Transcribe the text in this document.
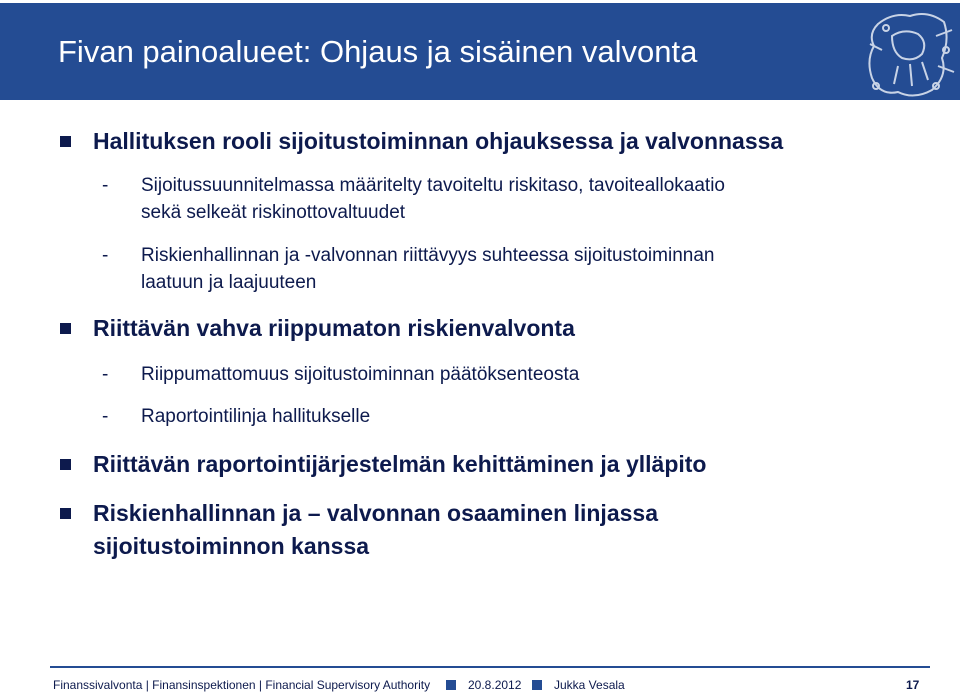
Fivan painoalueet: Ohjaus ja sisäinen valvonta
Hallituksen rooli sijoitustoiminnan ohjauksessa ja valvonnassa
- Sijoitussuunnitelmassa määritelty tavoiteltu riskitaso, tavoiteallokaatio
sekä selkeät riskinottovaltuudet
- Riskienhallinnan ja -valvonnan riittävyys suhteessa sijoitustoiminnan
laatuun ja laajuuteen
Riittävän vahva riippumaton riskienvalvonta
- Riippumattomuus sijoitustoiminnan päätöksenteosta
- Raportointilinja hallitukselle
Riittävän raportointijärjestelmän kehittäminen ja ylläpito
Riskienhallinnan ja – valvonnan osaaminen linjassa
sijoitustoiminnon kanssa
Finanssivalvonta | Finansinspektionen | Financial Supervisory Authority	20.8.2012	Jukka Vesala	17
